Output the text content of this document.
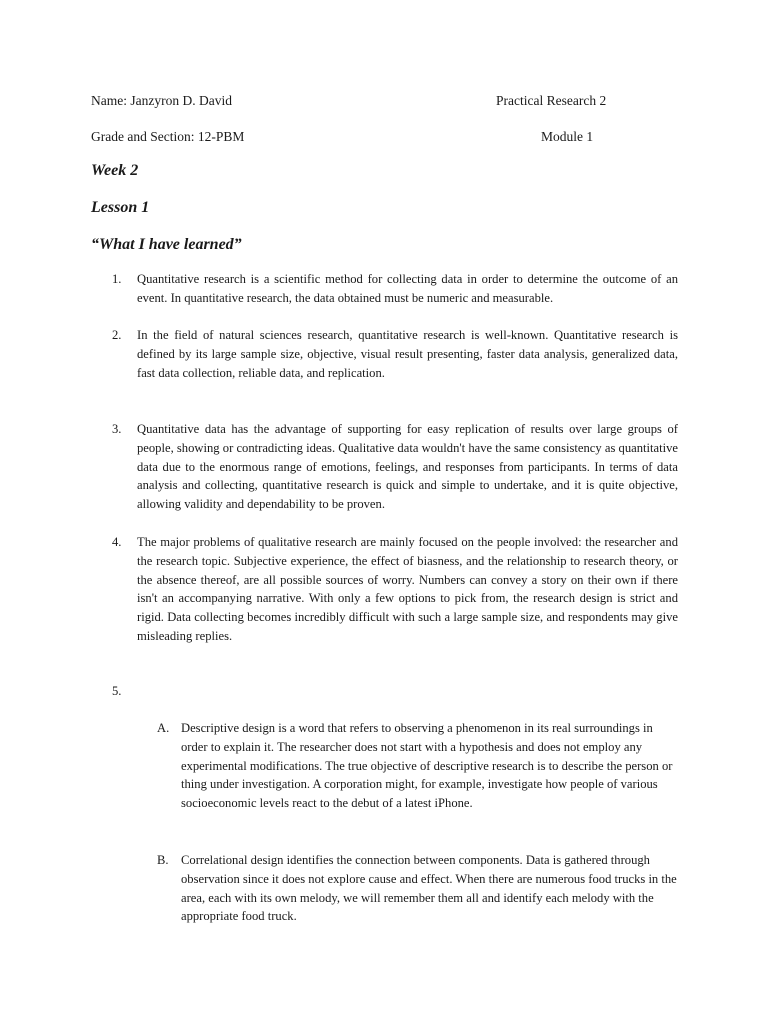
Name: Janzyron D. David	Practical Research 2
Grade and Section: 12-PBM	Module 1
Week 2
Lesson 1
“What I have learned”
1. Quantitative research is a scientific method for collecting data in order to determine the outcome of an event. In quantitative research, the data obtained must be numeric and measurable.
2. In the field of natural sciences research, quantitative research is well-known. Quantitative research is defined by its large sample size, objective, visual result presenting, faster data analysis, generalized data, fast data collection, reliable data, and replication.
3. Quantitative data has the advantage of supporting for easy replication of results over large groups of people, showing or contradicting ideas. Qualitative data wouldn't have the same consistency as quantitative data due to the enormous range of emotions, feelings, and responses from participants. In terms of data analysis and collecting, quantitative research is quick and simple to undertake, and it is quite objective, allowing validity and dependability to be proven.
4. The major problems of qualitative research are mainly focused on the people involved: the researcher and the research topic. Subjective experience, the effect of biasness, and the relationship to research theory, or the absence thereof, are all possible sources of worry. Numbers can convey a story on their own if there isn't an accompanying narrative. With only a few options to pick from, the research design is strict and rigid. Data collecting becomes incredibly difficult with such a large sample size, and respondents may give misleading replies.
5.
A. Descriptive design is a word that refers to observing a phenomenon in its real surroundings in order to explain it. The researcher does not start with a hypothesis and does not employ any experimental modifications. The true objective of descriptive research is to describe the person or thing under investigation. A corporation might, for example, investigate how people of various socioeconomic levels react to the debut of a latest iPhone.
B. Correlational design identifies the connection between components. Data is gathered through observation since it does not explore cause and effect. When there are numerous food trucks in the area, each with its own melody, we will remember them all and identify each melody with the appropriate food truck.
